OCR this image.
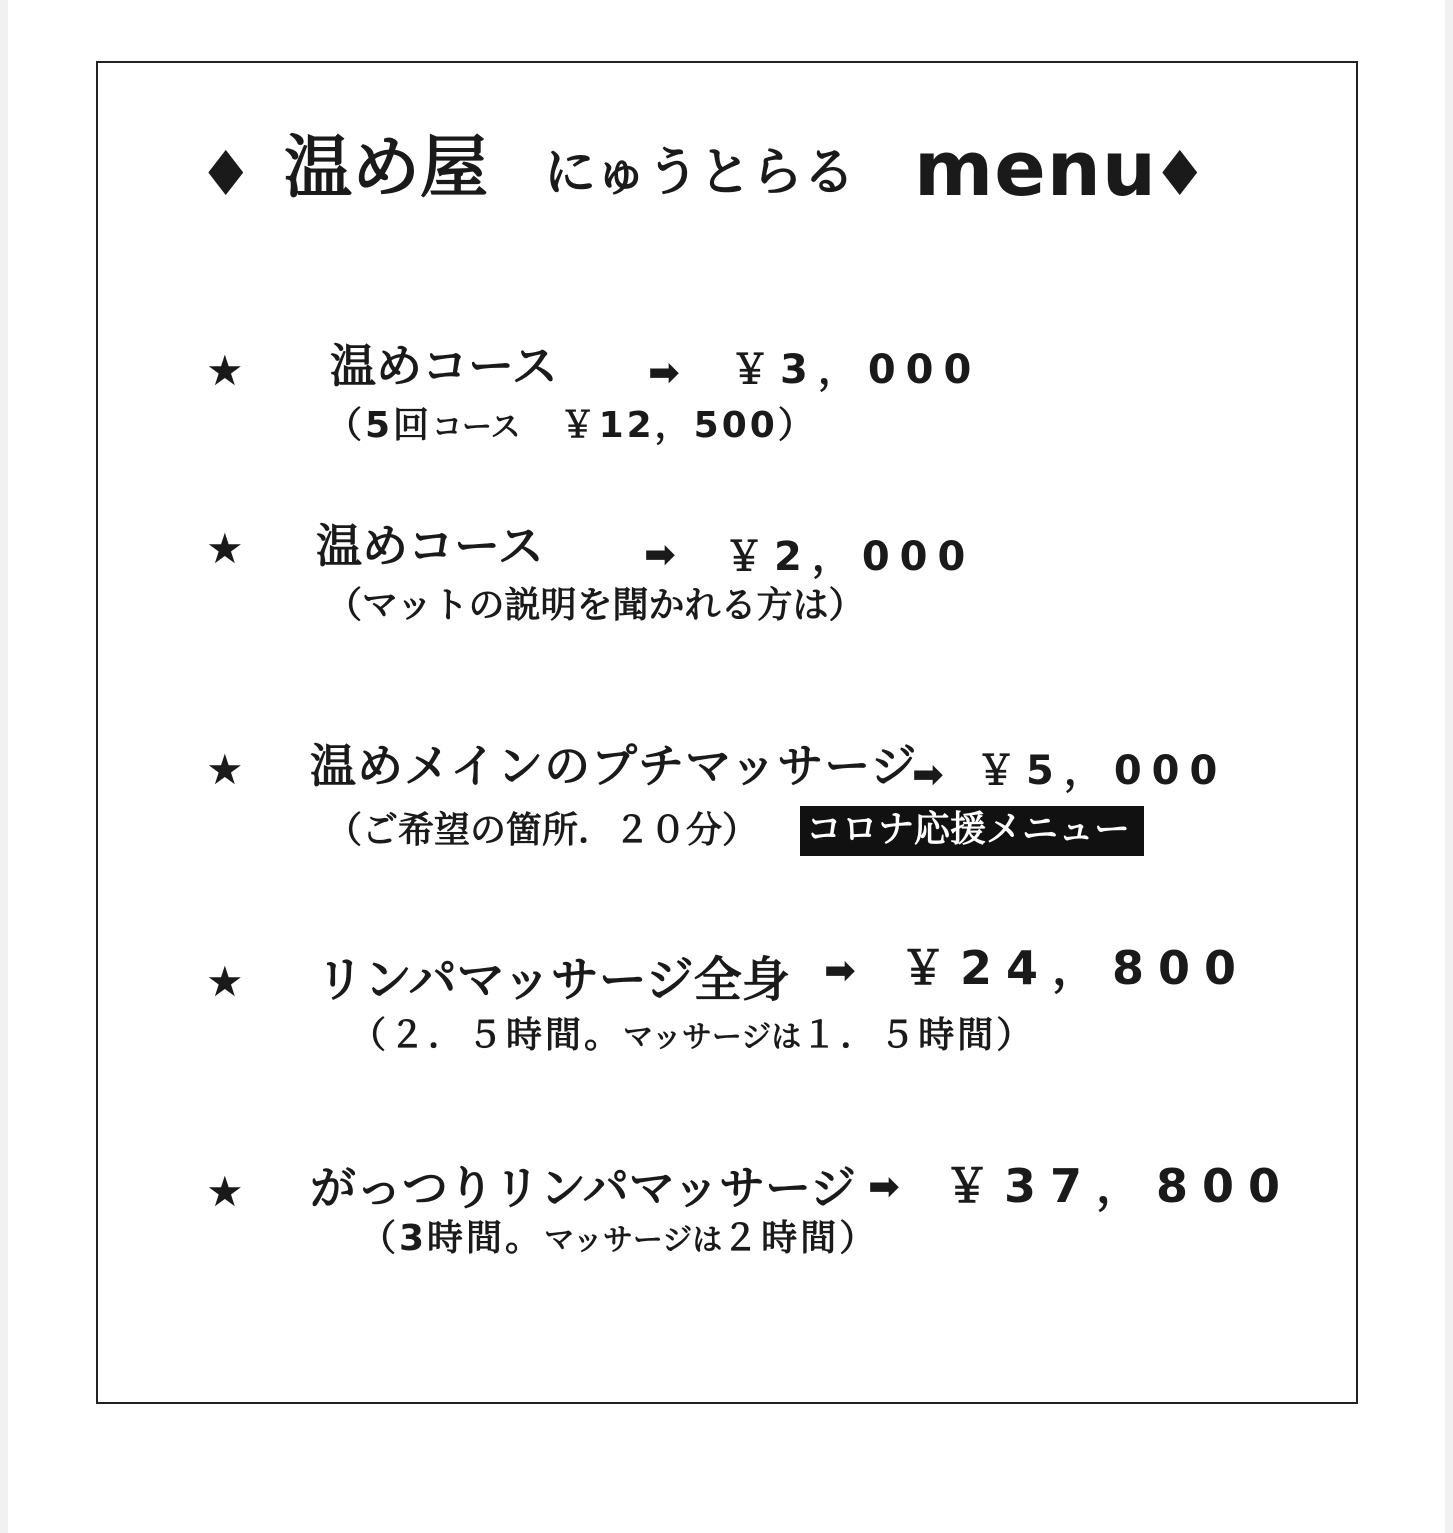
♦ 温め屋 にゅうとらる menu
♦
★ 温めコース ➡ ￥3，000
（5回コース　￥12，500）
★ 温めコース	➡ ￥2，000
（マットの説明を聞かれる方は）
★ 温めメインのプチマッサージ
➡ ￥5，000
（ご希望の箇所．２０分） コロナ応援メニュー
★ リンパマッサージ全身 ➡ ￥24，800
（２．５時間。マッサージは１．５時間）
★ がっつりリンパマッサージ ➡ ￥37，800
（3時間。マッサージは２時間）
